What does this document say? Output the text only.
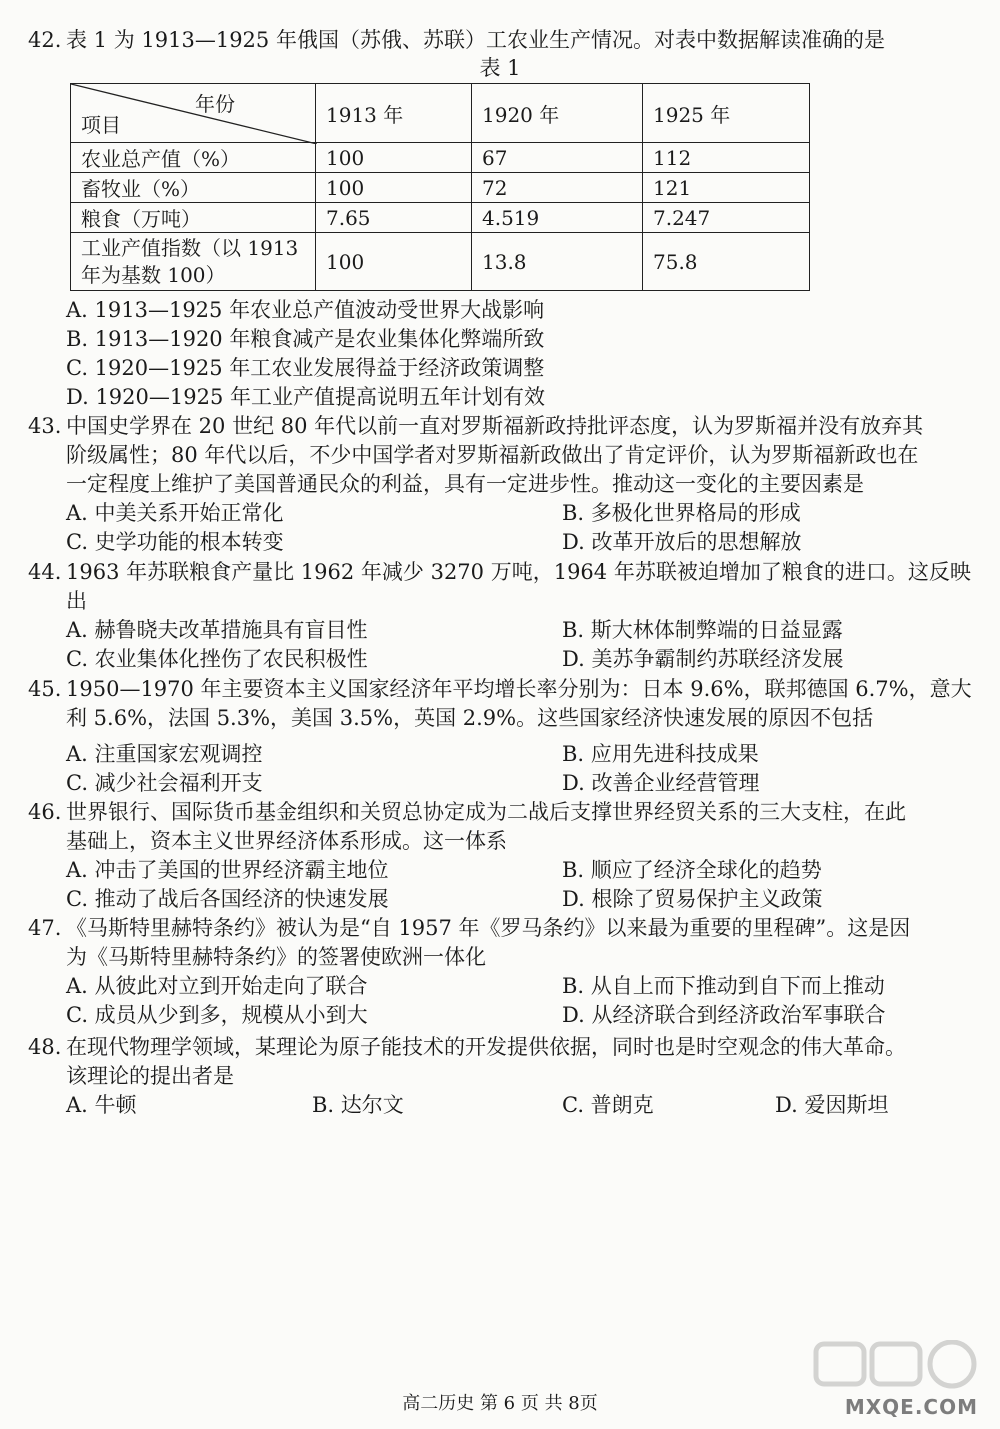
42. 表 1 为 1913—1925 年俄国（苏俄、苏联）工农业生产情况。对表中数据解读准确的是
表 1
年份
项目	1913 年	1920 年	1925 年
农业总产值（%）	100	67	112
畜牧业（%）	100	72	121
粮食（万吨）	7.65	4.519	7.247

工业产值指数（以 1913
年为基数 100）	100	13.8	75.8
A. 1913—1925 年农业总产值波动受世界大战影响
B. 1913—1920 年粮食减产是农业集体化弊端所致
C. 1920—1925 年工农业发展得益于经济政策调整
D. 1920—1925 年工业产值提高说明五年计划有效
43. 中国史学界在 20 世纪 80 年代以前一直对罗斯福新政持批评态度，认为罗斯福并没有放弃其
阶级属性；80 年代以后，不少中国学者对罗斯福新政做出了肯定评价，认为罗斯福新政也在
一定程度上维护了美国普通民众的利益，具有一定进步性。推动这一变化的主要因素是
A. 中美关系开始正常化	B. 多极化世界格局的形成
C. 史学功能的根本转变	D. 改革开放后的思想解放
44. 1963 年苏联粮食产量比 1962 年减少 3270 万吨，1964 年苏联被迫增加了粮食的进口。这反映
出
A. 赫鲁晓夫改革措施具有盲目性	B. 斯大林体制弊端的日益显露
C. 农业集体化挫伤了农民积极性	D. 美苏争霸制约苏联经济发展
45. 1950—1970 年主要资本主义国家经济年平均增长率分别为：日本 9.6%，联邦德国 6.7%，意大
利 5.6%，法国 5.3%，美国 3.5%，英国 2.9%。这些国家经济快速发展的原因不包括
A. 注重国家宏观调控	B. 应用先进科技成果
C. 减少社会福利开支	D. 改善企业经营管理
46. 世界银行、国际货币基金组织和关贸总协定成为二战后支撑世界经贸关系的三大支柱，在此
基础上，资本主义世界经济体系形成。这一体系
A. 冲击了美国的世界经济霸主地位	B. 顺应了经济全球化的趋势
C. 推动了战后各国经济的快速发展	D. 根除了贸易保护主义政策
47. 《马斯特里赫特条约》被认为是“自 1957 年《罗马条约》以来最为重要的里程碑”。这是因
为《马斯特里赫特条约》的签署使欧洲一体化
A. 从彼此对立到开始走向了联合	B. 从自上而下推动到自下而上推动
C. 成员从少到多，规模从小到大	D. 从经济联合到经济政治军事联合
48. 在现代物理学领域，某理论为原子能技术的开发提供依据，同时也是时空观念的伟大革命。
该理论的提出者是
A. 牛顿	B. 达尔文	C. 普朗克	D. 爱因斯坦
高二历史 第 6 页 共 8页	MXQE.COM
